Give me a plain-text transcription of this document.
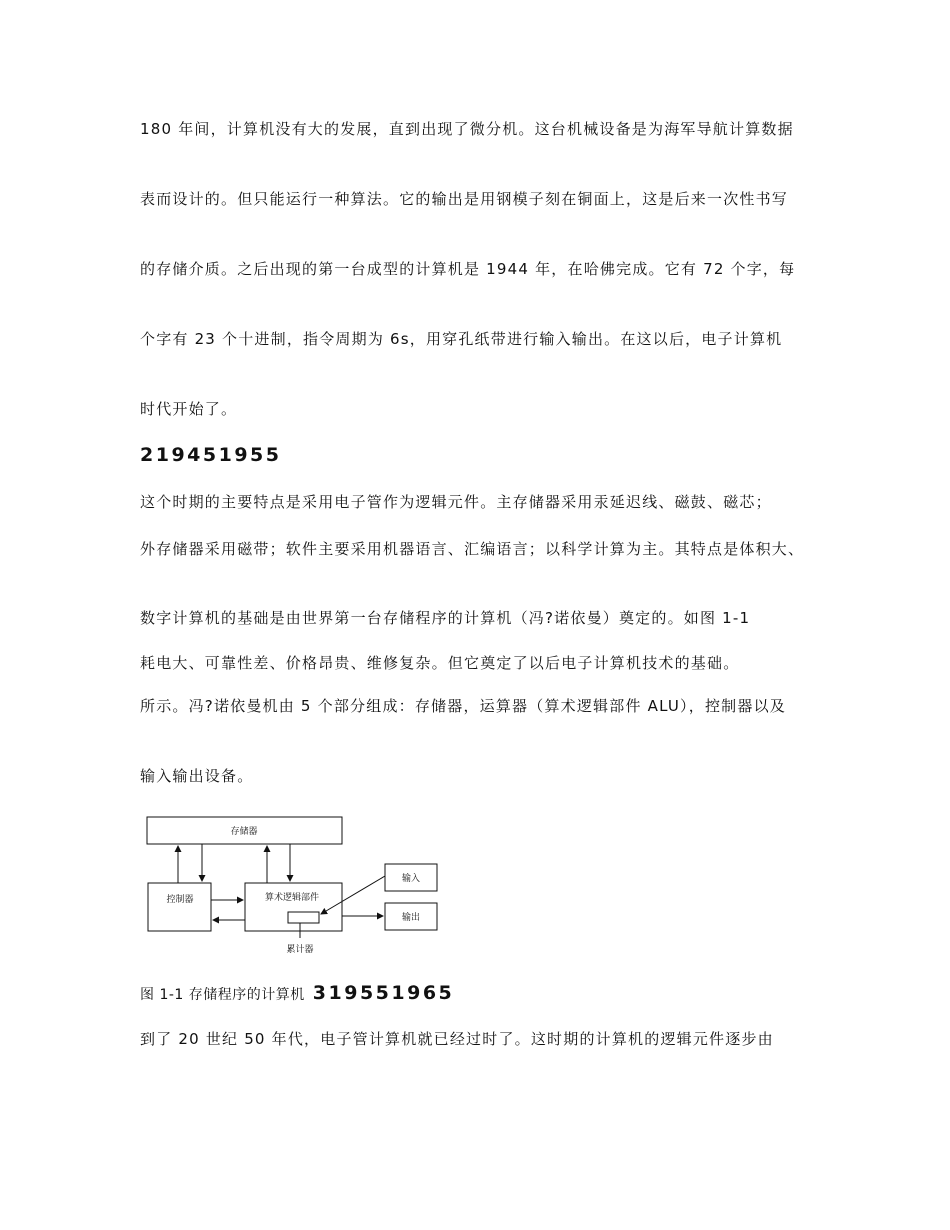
180 年间，计算机没有大的发展，直到出现了微分机。这台机械设备是为海军导航计算数据

表而设计的。但只能运行一种算法。它的输出是用钢模子刻在铜面上，这是后来一次性书写

的存储介质。之后出现的第一台成型的计算机是 1944 年，在哈佛完成。它有 72 个字，每

个字有 23 个十进制，指令周期为 6s，用穿孔纸带进行输入输出。在这以后，电子计算机

时代开始了。

219451955

这个时期的主要特点是采用电子管作为逻辑元件。主存储器采用汞延迟线、磁鼓、磁芯；

外存储器采用磁带；软件主要采用机器语言、汇编语言；以科学计算为主。其特点是体积大、

数字计算机的基础是由世界第一台存储程序的计算机（冯?诺依曼）奠定的。如图 1-1

耗电大、可靠性差、价格昂贵、维修复杂。但它奠定了以后电子计算机技术的基础。

所示。冯?诺依曼机由 5 个部分组成：存储器，运算器（算术逻辑部件 ALU），控制器以及

输入输出设备。

存储器
控制器	算术逻辑部件
输入
输出
累计器

图 1-1 存储程序的计算机 319551965

到了 20 世纪 50 年代，电子管计算机就已经过时了。这时期的计算机的逻辑元件逐步由
